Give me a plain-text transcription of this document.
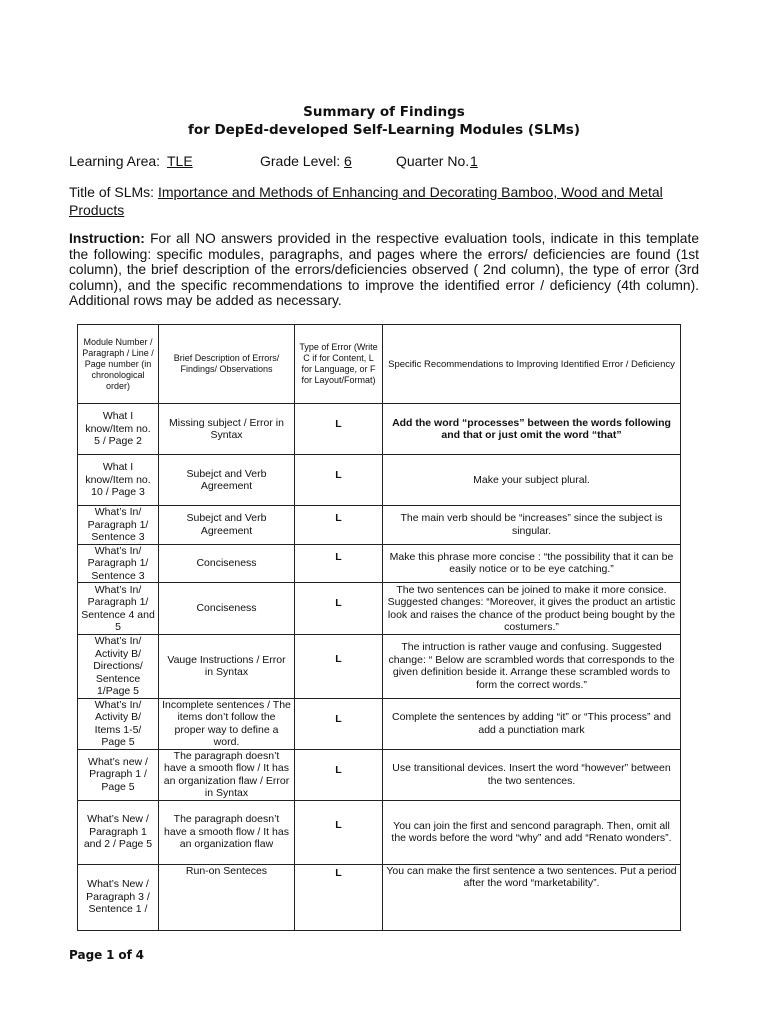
Summary of Findings
for DepEd-developed Self-Learning Modules (SLMs)
Learning Area: TLE	Grade Level: 6	Quarter No. 1
Title of SLMs: Importance and Methods of Enhancing and Decorating Bamboo, Wood and Metal
Products
Instruction: For all NO answers provided in the respective evaluation tools, indicate in this template the following: specific modules, paragraphs, and pages where the errors/ deficiencies are found (1st column), the brief description of the errors/deficiencies observed ( 2nd column), the type of error (3rd column), and the specific recommendations to improve the identified error / deficiency (4th column). Additional rows may be added as necessary.
Module Number / Paragraph / Line / Page number (in chronological order)	Brief Description of Errors/ Findings/ Observations	Type of Error (Write C if for Content, L for Language, or F for Layout/Format)	Specific Recommendations to Improving Identified Error / Deficiency
What I know/Item no. 5 / Page 2	Missing subject / Error in Syntax	L	Add the word “processes” between the words following and that or just omit the word “that”
What I know/Item no. 10 / Page 3	Subejct and Verb Agreement	L	Make your subject plural.
What’s In/ Paragraph 1/ Sentence 3	Subejct and Verb Agreement	L	The main verb should be “increases” since the subject is singular.
What’s In/ Paragraph 1/ Sentence 3	Conciseness	L	Make this phrase more concise : “the possibility that it can be easily notice or to be eye catching.”
What’s In/ Paragraph 1/ Sentence 4 and 5	Conciseness	L	The two sentences can be joined to make it more consice. Suggested changes: “Moreover, it gives the product an artistic look and raises the chance of the product being bought by the costumers.”
What’s In/ Activity B/ Directions/ Sentence 1/Page 5	Vauge Instructions / Error in Syntax	L	The intruction is rather vauge and confusing. Suggested change: “ Below are scrambled words that corresponds to the given definition beside it. Arrange these scrambled words to form the correct words.”
What’s In/ Activity B/ Items 1-5/ Page 5	Incomplete sentences / The items don’t follow the proper way to define a word.	L	Complete the sentences by adding “it” or “This process” and add a punctiation mark
What’s new / Pragraph 1 / Page 5	The paragraph doesn’t have a smooth flow / It has an organization flaw / Error in Syntax	L	Use transitional devices. Insert the word “however” between the two sentences.
What’s New / Paragraph 1 and 2 / Page 5	The paragraph doesn’t have a smooth flow / It has an organization flaw	L	You can join the first and sencond paragraph. Then, omit all the words before the word “why” and add “Renato wonders”.
What’s New / Paragraph 3 / Sentence 1 /	Run-on Senteces	L	You can make the first sentence a two sentences. Put a period after the word “marketability”.
Page 1 of 4
